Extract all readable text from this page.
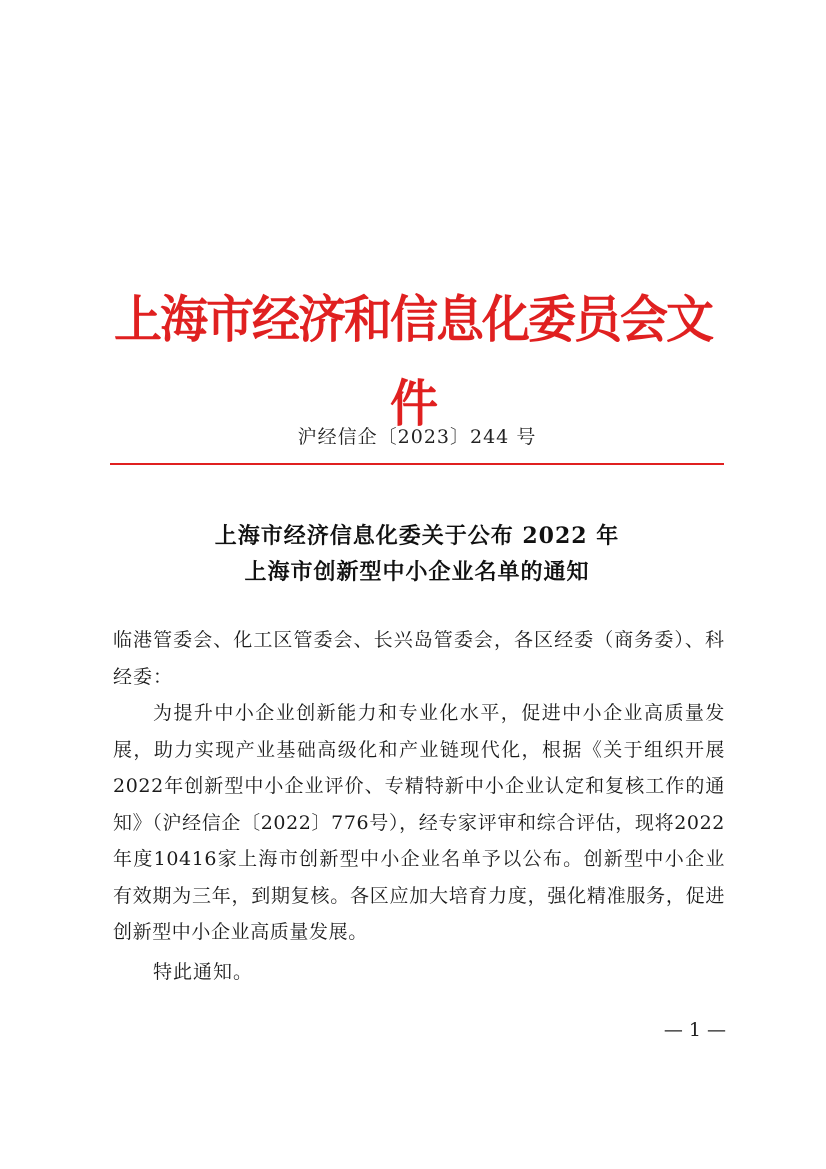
上海市经济和信息化委员会文件
沪经信企〔2023〕244 号
上海市经济信息化委关于公布 2022 年
上海市创新型中小企业名单的通知

临港管委会、化工区管委会、长兴岛管委会，各区经委（商务委）、科经委：

为提升中小企业创新能力和专业化水平，促进中小企业高质量发展，助力实现产业基础高级化和产业链现代化，根据《关于组织开展2022年创新型中小企业评价、专精特新中小企业认定和复核工作的通知》（沪经信企〔2022〕776号），经专家评审和综合评估，现将2022年度10416家上海市创新型中小企业名单予以公布。创新型中小企业有效期为三年，到期复核。各区应加大培育力度，强化精准服务，促进创新型中小企业高质量发展。

特此通知。

— 1 —
